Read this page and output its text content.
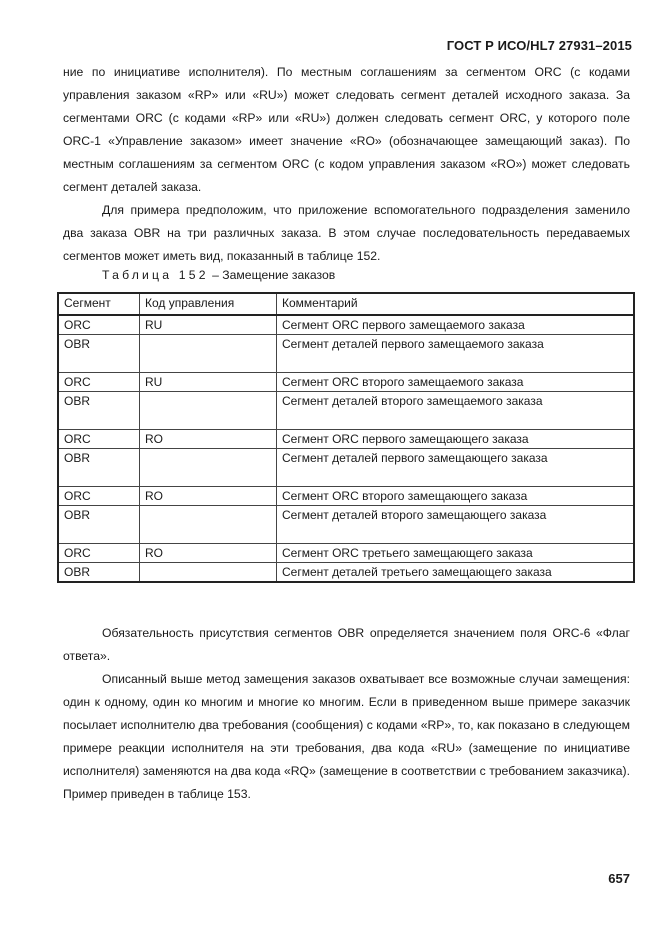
ГОСТ Р ИСО/HL7 27931–2015

ние по инициативе исполнителя). По местным соглашениям за сегментом ORC (с кодами управления заказом «RP» или «RU») может следовать сегмент деталей исходного заказа. За сегментами ORC (с кодами «RP» или «RU») должен следовать сегмент ORC, у которого поле ORC-1 «Управление заказом» имеет значение «RO» (обозначающее замещающий заказ). По местным соглашениям за сегментом ORC (с кодом управления заказом «RO») может следовать сегмент деталей заказа.

Для примера предположим, что приложение вспомогательного подразделения заменило два заказа OBR на три различных заказа. В этом случае последовательность передаваемых сегментов может иметь вид, показанный в таблице 152.

Таблица 152 – Замещение заказов
Сегмент	Код управления	Комментарий
ORC	RU	Сегмент ORC первого замещаемого заказа
OBR		Сегмент деталей первого замещаемого заказа
ORC	RU	Сегмент ORC второго замещаемого заказа
OBR		Сегмент деталей второго замещаемого заказа
ORC	RO	Сегмент ORC первого замещающего заказа
OBR		Сегмент деталей первого замещающего заказа
ORC	RO	Сегмент ORC второго замещающего заказа
OBR		Сегмент деталей второго замещающего заказа
ORC	RO	Сегмент ORC третьего замещающего заказа
OBR		Сегмент деталей третьего замещающего заказа

Обязательность присутствия сегментов OBR определяется значением поля ORC-6 «Флаг ответа».

Описанный выше метод замещения заказов охватывает все возможные случаи замещения: один к одному, один ко многим и многие ко многим. Если в приведенном выше примере заказчик посылает исполнителю два требования (сообщения) с кодами «RP», то, как показано в следующем примере реакции исполнителя на эти требования, два кода «RU» (замещение по инициативе исполнителя) заменяются на два кода «RQ» (замещение в соответствии с требованием заказчика). Пример приведен в таблице 153.

657
